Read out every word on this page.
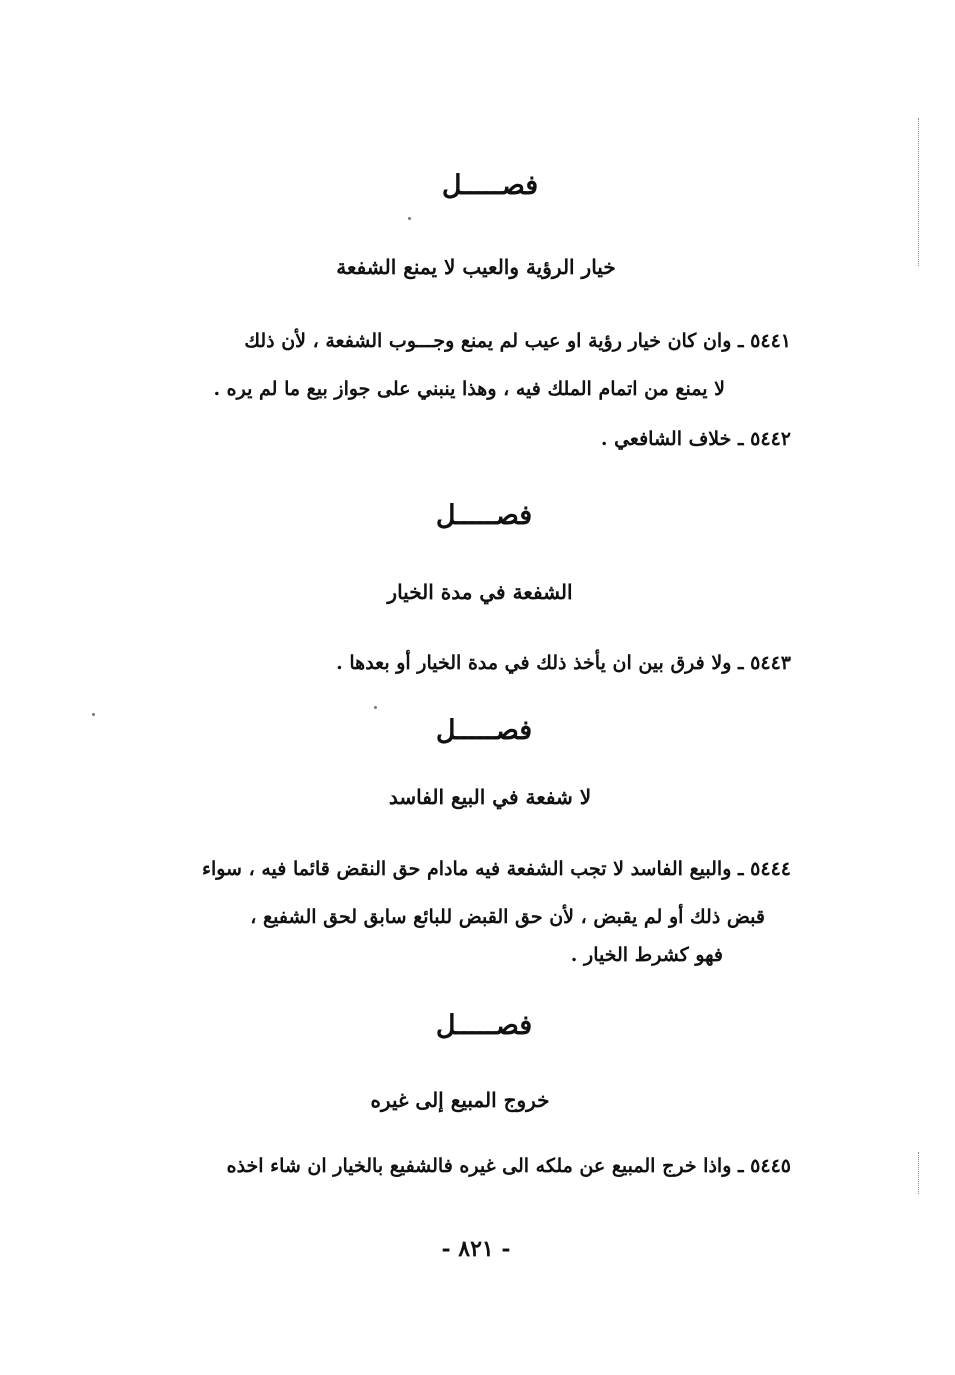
فصـــــل
خيار الرؤية والعيب لا يمنع الشفعة
٥٤٤١ ـ وان كان خيار رؤية او عيب لم يمنع وجـــوب الشفعة ، لأن ذلك
لا يمنع من اتمام الملك فيه ، وهذا ينبني على جواز بيع ما لم يره .
٥٤٤٢ ـ خلاف الشافعي .
فصـــــل
الشفعة في مدة الخيار
٥٤٤٣ ـ ولا فرق بين ان يأخذ ذلك في مدة الخيار أو بعدها .
فصـــــل
لا شفعة في البيع الفاسد
٥٤٤٤ ـ والبيع الفاسد لا تجب الشفعة فيه مادام حق النقض قائما فيه ، سواء
قبض ذلك أو لم يقبض ، لأن حق القبض للبائع سابق لحق الشفيع ،
فهو كشرط الخيار .
فصـــــل
خروج المبيع إلى غيره
٥٤٤٥ ـ واذا خرج المبيع عن ملكه الى غيره فالشفيع بالخيار ان شاء اخذه
- ٨٢١ -
